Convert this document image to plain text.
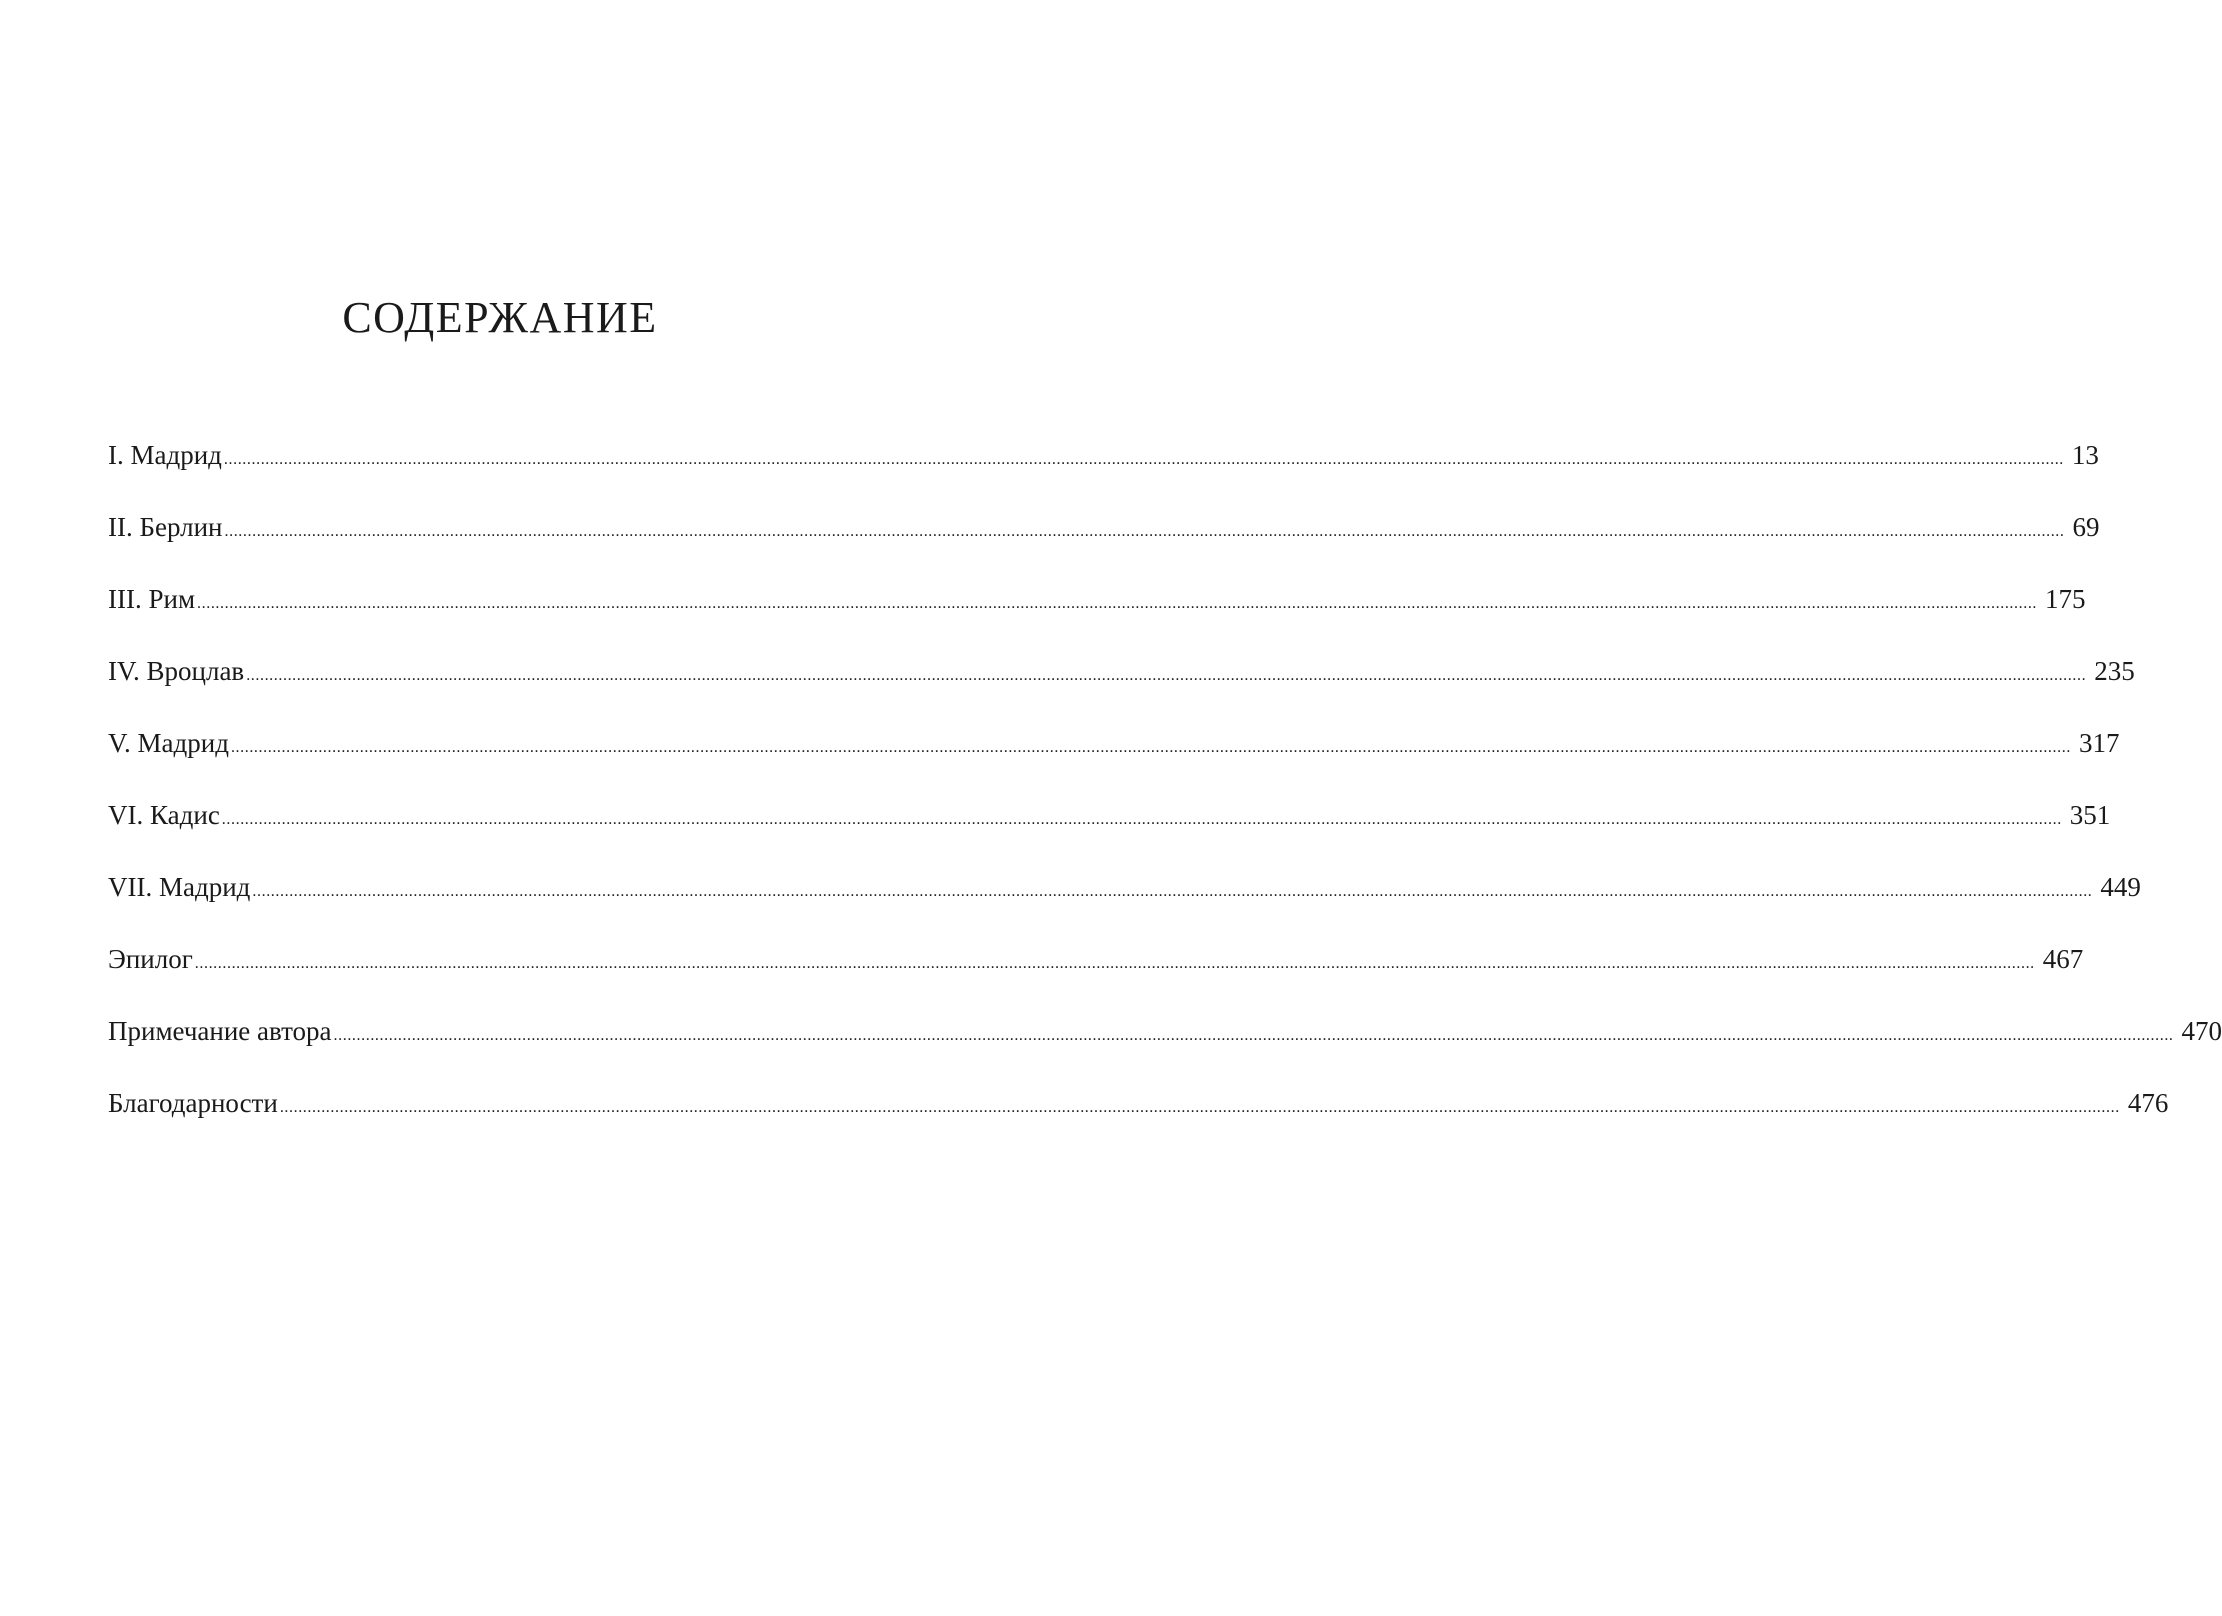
СОДЕРЖАНИЕ
I. Мадрид ................................................................................................................................................................................................................................................................................................................................................................................................................ 13
II. Берлин ................................................................................................................................................................................................................................................................................................................................................................................................................ 69
III. Рим ................................................................................................................................................................................................................................................................................................................................................................................................................ 175
IV. Вроцлав ................................................................................................................................................................................................................................................................................................................................................................................................................ 235
V. Мадрид ................................................................................................................................................................................................................................................................................................................................................................................................................ 317
VI. Кадис ................................................................................................................................................................................................................................................................................................................................................................................................................ 351
VII. Мадрид ................................................................................................................................................................................................................................................................................................................................................................................................................ 449
Эпилог ................................................................................................................................................................................................................................................................................................................................................................................................................ 467
Примечание автора ................................................................................................................................................................................................................................................................................................................................................................................................................ 470
Благодарности ................................................................................................................................................................................................................................................................................................................................................................................................................ 476
